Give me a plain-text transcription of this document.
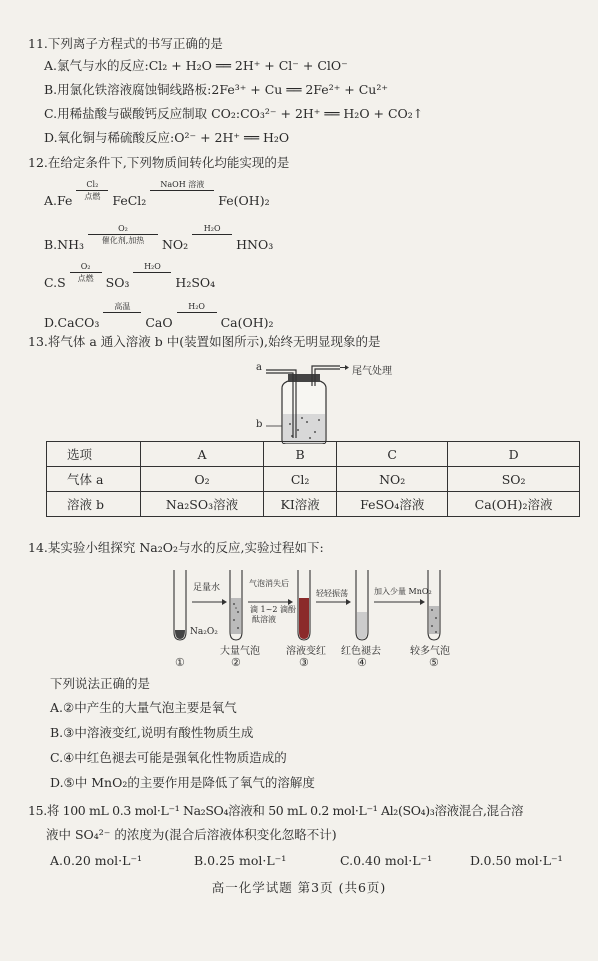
11.下列离子方程式的书写正确的是
A.氯气与水的反应:Cl₂ + H₂O ══ 2H⁺ + Cl⁻ + ClO⁻
B.用氯化铁溶液腐蚀铜线路板:2Fe³⁺ + Cu ══ 2Fe²⁺ + Cu²⁺
C.用稀盐酸与碳酸钙反应制取 CO₂:CO₃²⁻ + 2H⁺ ══ H₂O + CO₂↑
D.氧化铜与稀硫酸反应:O²⁻ + 2H⁺ ══ H₂O
12.在给定条件下,下列物质间转化均能实现的是
A.Fe
Cl₂
点燃 FeCl₂
NaOH 溶液

Fe(OH)₂
B.NH₃
O₂
催化剂,加热	NO₂
H₂O

HNO₃
C.S
O₂
点燃 SO₃
H₂O

H₂SO₄
D.CaCO₃
高温

CaO
H₂O

Ca(OH)₂
13.将气体 a 通入溶液 b 中(装置如图所示),始终无明显现象的是
a
b
尾气处理
选项	A	B	C	D
气体 a	O₂	Cl₂	NO₂	SO₂
溶液 b	Na₂SO₃溶液	KI溶液	FeSO₄溶液	Ca(OH)₂溶液
14.某实验小组探究 Na₂O₂与水的反应,实验过程如下:
足量水
Na₂O₂
气泡消失后
滴 1~2 滴酚
酞溶液
轻轻振荡	加入少量 MnO₂
大量气泡	溶液变红 红色褪去	较多气泡
①	②	③	④	⑤
下列说法正确的是
A.②中产生的大量气泡主要是氧气
B.③中溶液变红,说明有酸性物质生成
C.④中红色褪去可能是强氧化性物质造成的
D.⑤中 MnO₂的主要作用是降低了氧气的溶解度
15.将 100 mL 0.3 mol·L⁻¹ Na₂SO₄溶液和 50 mL 0.2 mol·L⁻¹ Al₂(SO₄)₃溶液混合,混合溶
液中 SO₄²⁻ 的浓度为(混合后溶液体积变化忽略不计)
A.0.20 mol·L⁻¹	B.0.25 mol·L⁻¹	C.0.40 mol·L⁻¹	D.0.50 mol·L⁻¹
高一化学试题 第3页 (共6页)
